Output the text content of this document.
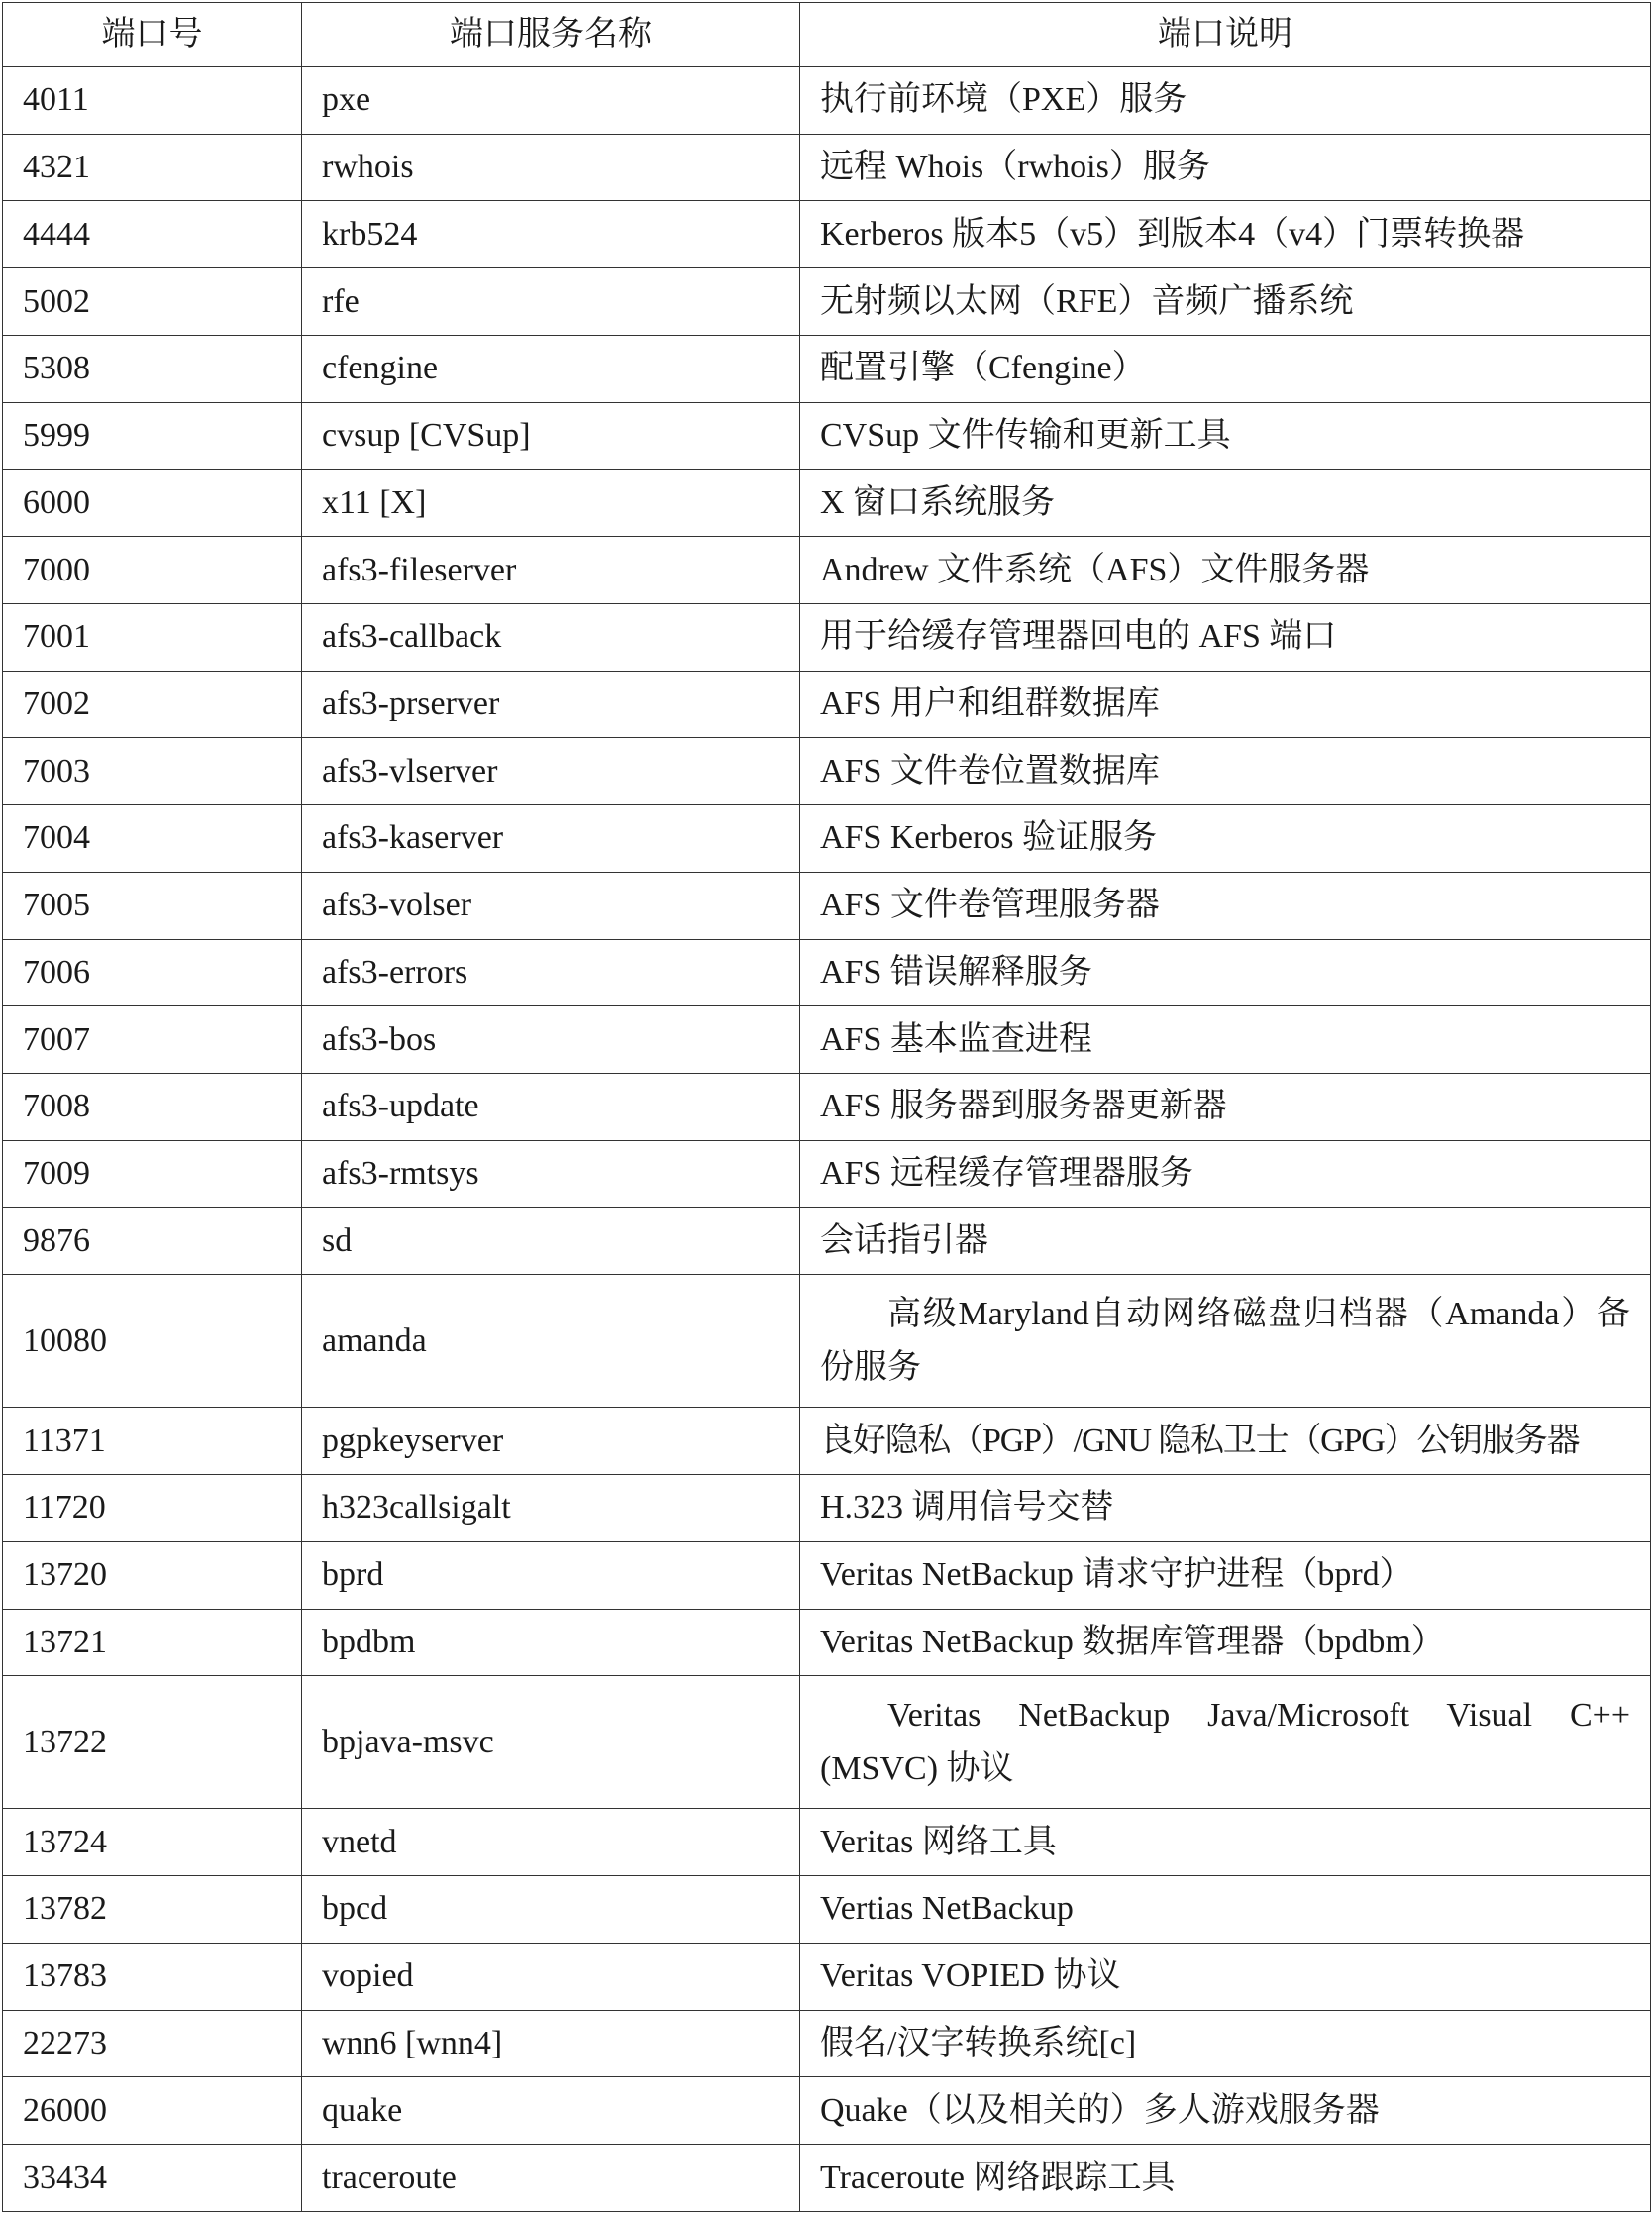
端口号	端口服务名称	端口说明
4011	pxe	执行前环境（PXE）服务
4321	rwhois	远程 Whois（rwhois）服务
4444	krb524	Kerberos 版本5（v5）到版本4（v4）门票转换器
5002	rfe	无射频以太网（RFE）音频广播系统
5308	cfengine	配置引擎（Cfengine）
5999	cvsup [CVSup]	CVSup 文件传输和更新工具
6000	x11 [X]	X 窗口系统服务
7000	afs3-fileserver	Andrew 文件系统（AFS）文件服务器
7001	afs3-callback	用于给缓存管理器回电的 AFS 端口
7002	afs3-prserver	AFS 用户和组群数据库
7003	afs3-vlserver	AFS 文件卷位置数据库
7004	afs3-kaserver	AFS Kerberos 验证服务
7005	afs3-volser	AFS 文件卷管理服务器
7006	afs3-errors	AFS 错误解释服务
7007	afs3-bos	AFS 基本监查进程
7008	afs3-update	AFS 服务器到服务器更新器
7009	afs3-rmtsys	AFS 远程缓存管理器服务
9876	sd	会话指引器
10080	amanda	高级Maryland自动网络磁盘归档器（Amanda）备份服务
11371	pgpkeyserver	良好隐私（PGP）/GNU 隐私卫士（GPG）公钥服务器
11720	h323callsigalt	H.323 调用信号交替
13720	bprd	Veritas NetBackup 请求守护进程（bprd）
13721	bpdbm	Veritas NetBackup 数据库管理器（bpdbm）
13722	bpjava-msvc	Veritas NetBackup Java/Microsoft Visual C++ (MSVC) 协议
13724	vnetd	Veritas 网络工具
13782	bpcd	Vertias NetBackup
13783	vopied	Veritas VOPIED 协议
22273	wnn6 [wnn4]	假名/汉字转换系统[c]
26000	quake	Quake（以及相关的）多人游戏服务器
33434	traceroute	Traceroute 网络跟踪工具
